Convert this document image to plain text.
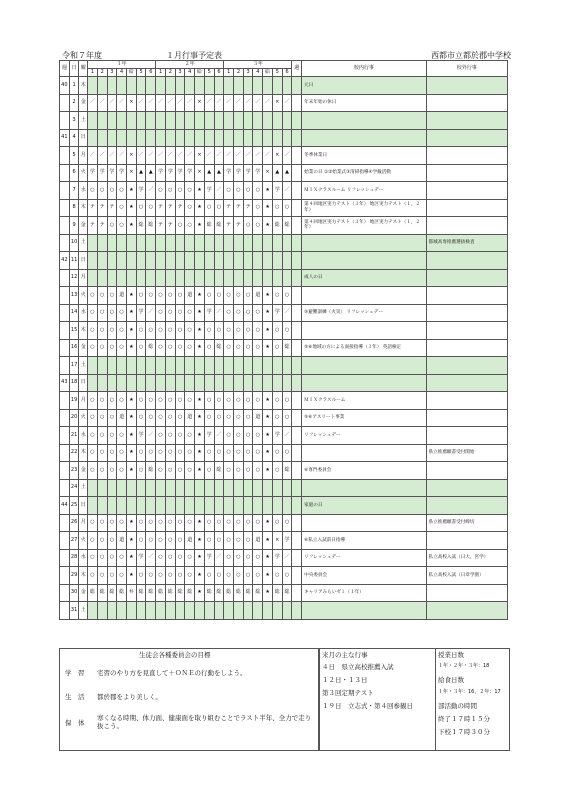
令和７年度	１月行事予定表	西都市立都於郡中学校
週	日	曜	１年							２年							３年							週	校内行事	校外行事
			1	2	3	4	給	5	6	1	2	3	4	給	5	6	1	2	3	4	給	5	6			
40	1	木																							元日	
	2	金	／	／	／	／	×	／	／	／	／	／	／	×	／	／	／	／	／	／	／	×	／		年末年始の休日	
	3	土																								
41	4	日																								
	5	月	／	／	／	／	×	／	／	／	／	／	／	×	／	／	／	／	／	／	／	×	／		冬季休業日	
	6	火	学	学	学	学	×	▲	▲	学	学	学	学	×	▲	▲	学	学	学	学	×	▲	▲		始業の日 ①②始業式③清掃指導④学級活動	
	7	水	○	○	○	○	★	学	／	○	○	○	○	★	学	／	○	○	○	○	★	学	／		ＭＩＸクラスルーム リフレッシュデー	
	8	木	テ	テ	テ	○	★	○	○	テ	テ	テ	○	★	○	○	テ	テ	テ	○	★	○	○		第４回地区実力テスト（３年） 地区実力テスト（１，２年）	
	9	金	テ	テ	○	○	★	総	総	テ	テ	○	○	★	総	総	テ	テ	○	○	★	総	総		第４回地区実力テスト（３年） 地区実力テスト（１，２年）	
	10	土																								都城高専推薦選抜検査
42	11	日																								
	12	月																							成人の日	
	13	火	○	○	○	道	★	○	○	○	○	○	道	★	○	○	○	○	○	道	★	○	○			
	14	水	○	○	○	○	★	学	／	○	○	○	○	★	学	／	○	○	○	○	★	学	／		⑤避難訓練（火災） リフレッシュデー	
	15	木	○	○	○	○	★	○	○	○	○	○	○	★	○	○	○	○	○	○	★	○	○			
	16	金	○	○	○	○	★	○	総	○	○	○	○	★	○	総	○	○	○	○	★	○	総		⑤⑥地域の方による面接指導（３年） 英語検定	
	17	土																								
43	18	日																								
	19	月	○	○	○	○	★	○	○	○	○	○	○	★	○	○	○	○	○	○	★	○	○		ＭＩＸクラスルーム	
	20	火	○	○	○	道	★	○	○	○	○	○	道	★	○	○	○	○	○	道	★	○	○		⑤⑥アスリート事業	
	21	水	○	○	○	○	★	学	／	○	○	○	○	★	学	／	○	○	○	○	★	学	／		リフレッシュデー	
	22	木	○	○	○	○	★	○	○	○	○	○	○	★	○	○	○	○	○	○	★	○	○			県立推薦願書受付開始
	23	金	○	○	○	○	★	○	総	○	○	○	○	★	○	総	○	○	○	○	★	○	総		⑥専門委員会	
	24	土																								
44	25	日																							家庭の日	
	26	月	○	○	○	○	★	○	○	○	○	○	○	★	○	○	○	○	○	○	★	○	○			県立推薦願書受付締切
	27	火	○	○	○	道	★	○	○	○	○	○	道	★	○	○	○	○	○	道	★	×	学		⑥私立入試前日指導	
	28	水	○	○	○	○	★	学	／	○	○	○	○	★	学	／	○	○	○	○	★	学	／		リフレッシュデー	私立高校入試（日大、宮学）
	29	木	○	○	○	○	★	○	○	○	○	○	○	★	○	○	○	○	○	○	★	○	○		中央委員会	私立高校入試（日章学園）
	30	金	総	総	総	総	弁	総	総	総	総	総	総	★	総	総	総	総	総	総	★	総	総		キャリアみらいゼミ（１年）	
	31	土																								
生徒会各種委員会の目標
学　習 宅習のやり方を見直して＋ＯＮＥの行動をしよう。
生　活 都於郡をより美しく。
保　体
寒くなる時期、体力面、健康面を取り組むことでラスト半年、全力で走り抜こう。
来月の主な行事
４日　県立高校推薦入試
１２日・１３日
第３回定期テスト
１９日　立志式・第４回参観日
授業日数
１年・２年・３年：18
給食日数
１年・３年：16，２年：17
部活動の時間
終了１７時１５分
下校１７時３０分
